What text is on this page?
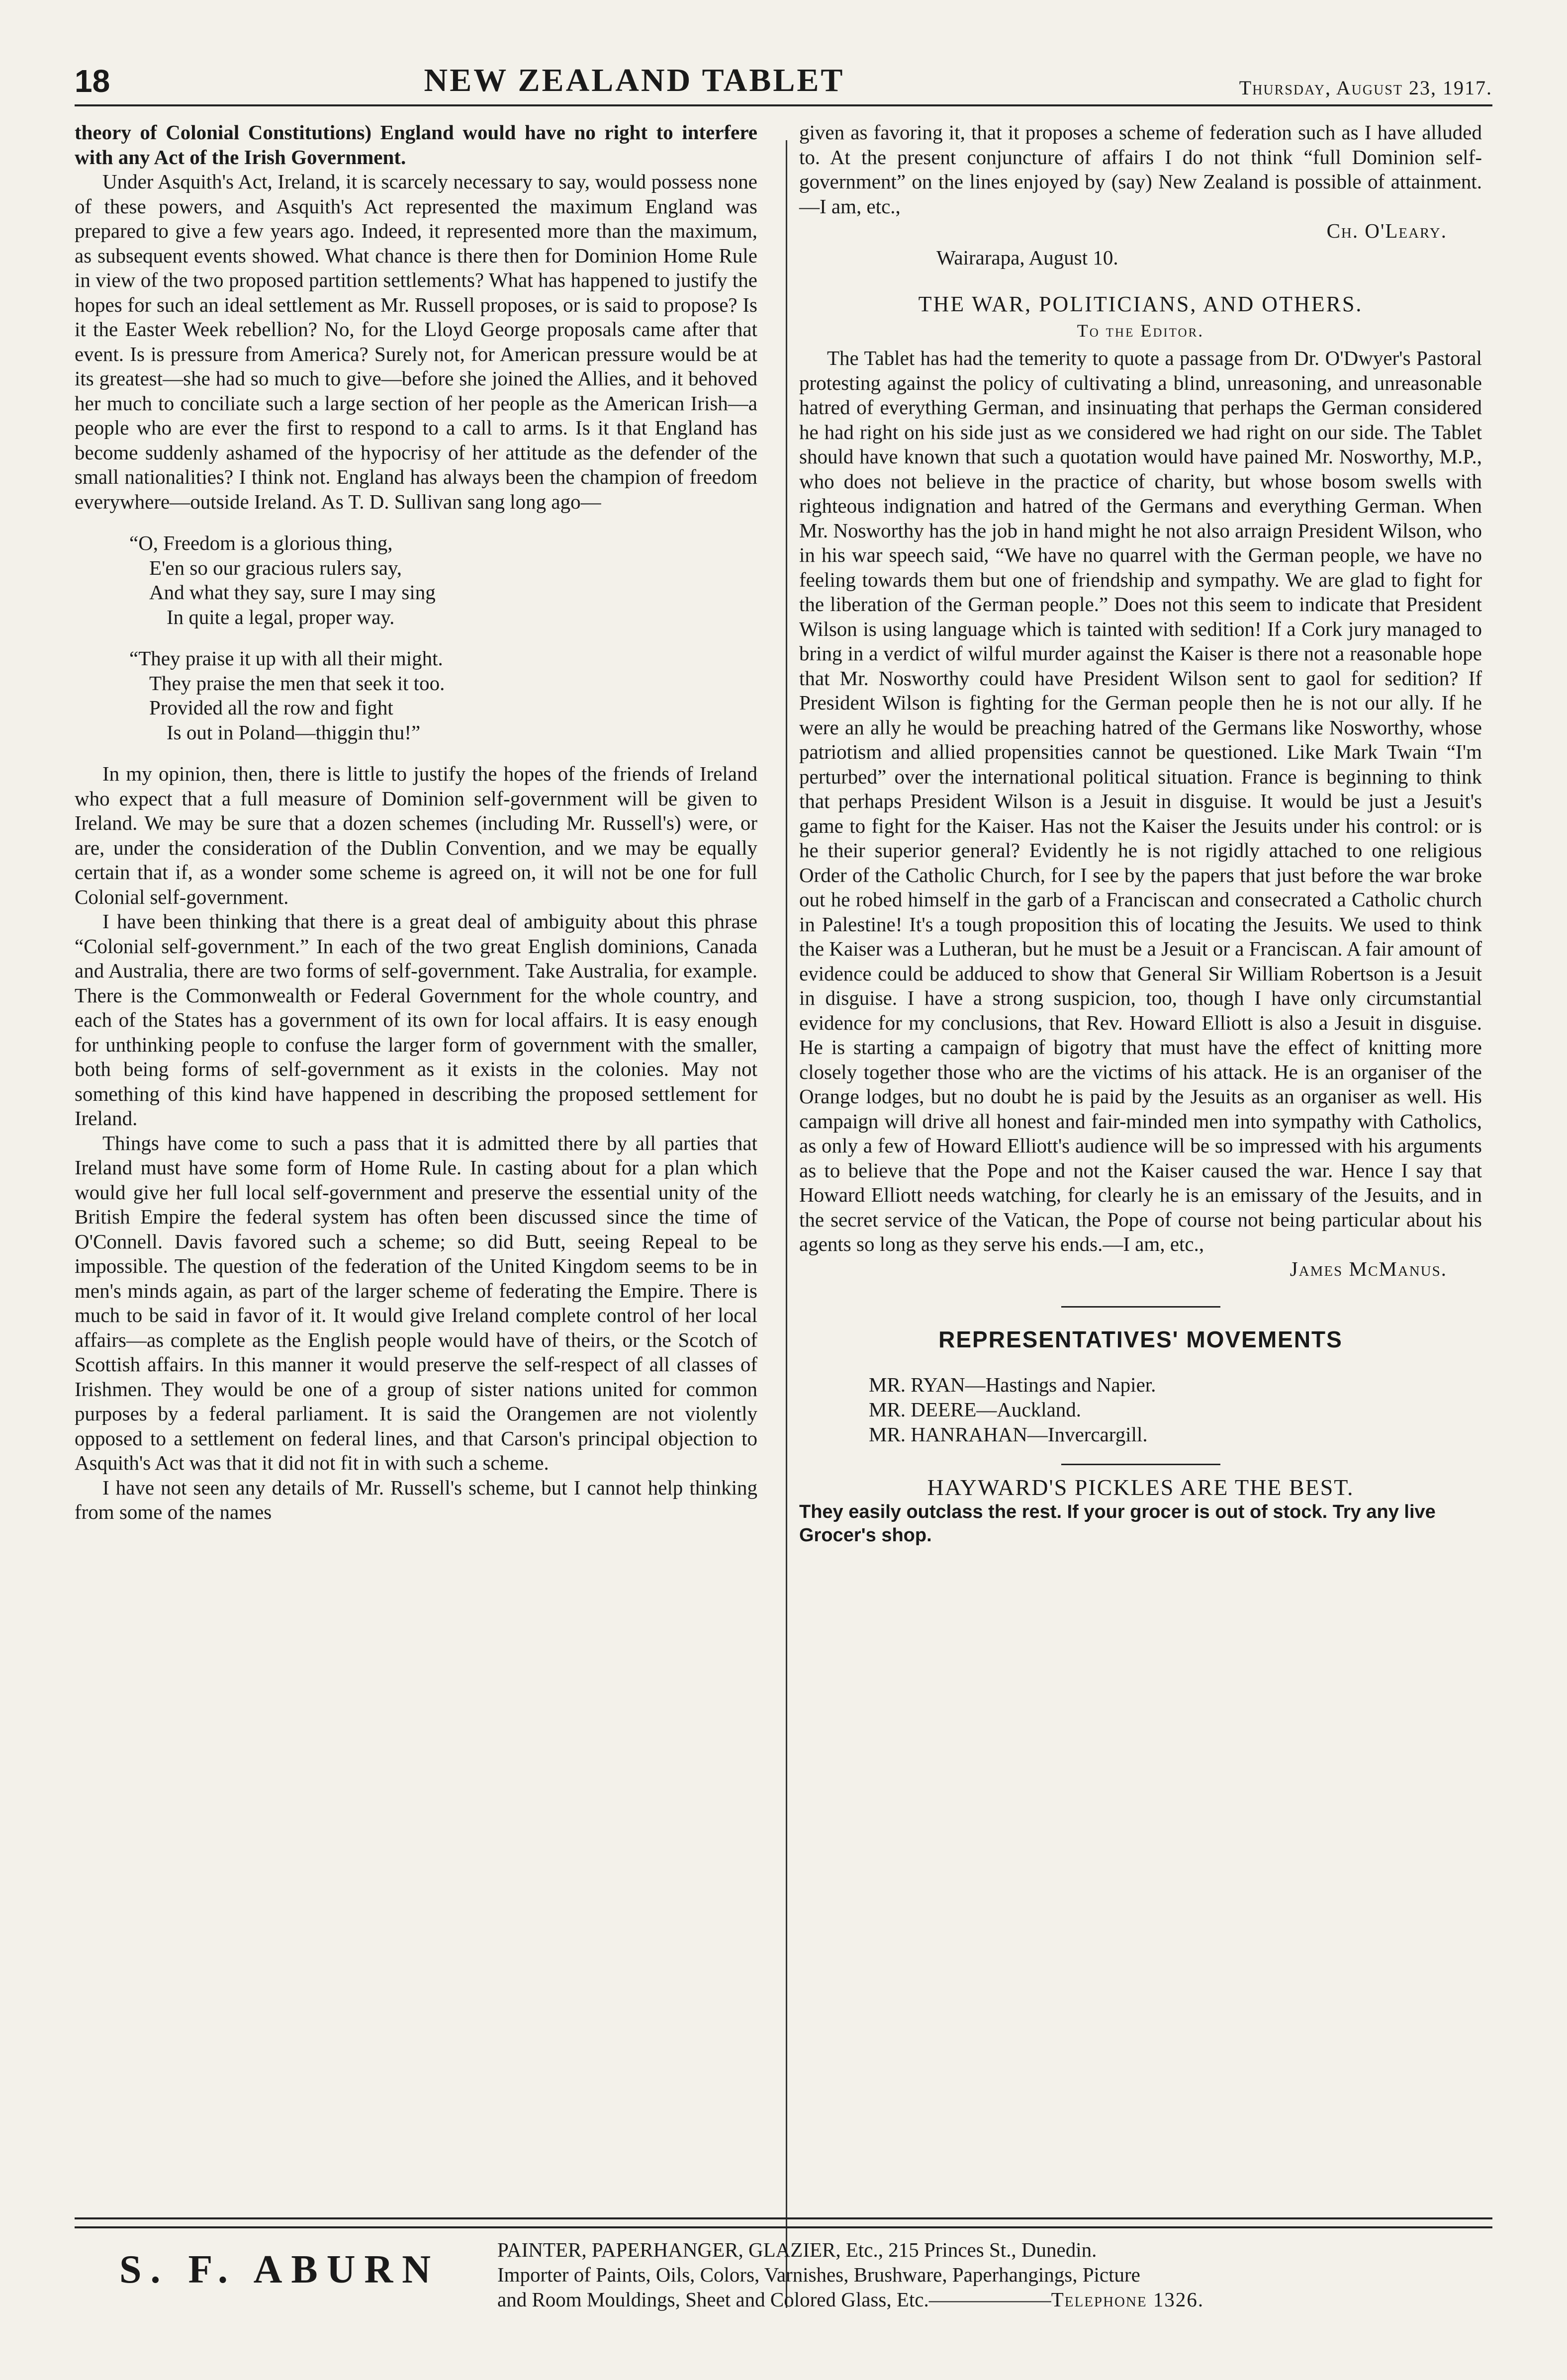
18	NEW ZEALAND TABLET	Thursday, August 23, 1917.

theory of Colonial Constitutions) England would have no right to interfere with any Act of the Irish Government.

Under Asquith's Act, Ireland, it is scarcely necessary to say, would possess none of these powers, and Asquith's Act represented the maximum England was prepared to give a few years ago. Indeed, it represented more than the maximum, as subsequent events showed. What chance is there then for Dominion Home Rule in view of the two proposed partition settlements? What has happened to justify the hopes for such an ideal settlement as Mr. Russell proposes, or is said to propose? Is it the Easter Week rebellion? No, for the Lloyd George proposals came after that event. Is is pressure from America? Surely not, for American pressure would be at its greatest—she had so much to give—before she joined the Allies, and it behoved her much to conciliate such a large section of her people as the American Irish—a people who are ever the first to respond to a call to arms. Is it that England has become suddenly ashamed of the hypocrisy of her attitude as the defender of the small nationalities? I think not. England has always been the champion of freedom everywhere—outside Ireland. As T. D. Sullivan sang long ago—

“O, Freedom is a glorious thing,
E'en so our gracious rulers say,
And what they say, sure I may sing
In quite a legal, proper way.
“They praise it up with all their might.
They praise the men that seek it too.
Provided all the row and fight
Is out in Poland—thiggin thu!”

In my opinion, then, there is little to justify the hopes of the friends of Ireland who expect that a full measure of Dominion self-government will be given to Ireland. We may be sure that a dozen schemes (including Mr. Russell's) were, or are, under the consideration of the Dublin Convention, and we may be equally certain that if, as a wonder some scheme is agreed on, it will not be one for full Colonial self-government.

I have been thinking that there is a great deal of ambiguity about this phrase “Colonial self-government.” In each of the two great English dominions, Canada and Australia, there are two forms of self-government. Take Australia, for example. There is the Commonwealth or Federal Government for the whole country, and each of the States has a government of its own for local affairs. It is easy enough for unthinking people to confuse the larger form of government with the smaller, both being forms of self-government as it exists in the colonies. May not something of this kind have happened in describing the proposed settlement for Ireland.

Things have come to such a pass that it is admitted there by all parties that Ireland must have some form of Home Rule. In casting about for a plan which would give her full local self-government and preserve the essential unity of the British Empire the federal system has often been discussed since the time of O'Connell. Davis favored such a scheme; so did Butt, seeing Repeal to be impossible. The question of the federation of the United Kingdom seems to be in men's minds again, as part of the larger scheme of federating the Empire. There is much to be said in favor of it. It would give Ireland complete control of her local affairs—as complete as the English people would have of theirs, or the Scotch of Scottish affairs. In this manner it would preserve the self-respect of all classes of Irishmen. They would be one of a group of sister nations united for common purposes by a federal parliament. It is said the Orangemen are not violently opposed to a settlement on federal lines, and that Carson's principal objection to Asquith's Act was that it did not fit in with such a scheme.

I have not seen any details of Mr. Russell's scheme, but I cannot help thinking from some of the names

given as favoring it, that it proposes a scheme of federation such as I have alluded to. At the present conjuncture of affairs I do not think “full Dominion self-government” on the lines enjoyed by (say) New Zealand is possible of attainment.—I am, etc.,

Ch. O'Leary.

Wairarapa, August 10.

THE WAR, POLITICIANS, AND OTHERS.
To the Editor.

The Tablet has had the temerity to quote a passage from Dr. O'Dwyer's Pastoral protesting against the policy of cultivating a blind, unreasoning, and unreasonable hatred of everything German, and insinuating that perhaps the German considered he had right on his side just as we considered we had right on our side. The Tablet should have known that such a quotation would have pained Mr. Nosworthy, M.P., who does not believe in the practice of charity, but whose bosom swells with righteous indignation and hatred of the Germans and everything German. When Mr. Nosworthy has the job in hand might he not also arraign President Wilson, who in his war speech said, “We have no quarrel with the German people, we have no feeling towards them but one of friendship and sympathy. We are glad to fight for the liberation of the German people.” Does not this seem to indicate that President Wilson is using language which is tainted with sedition! If a Cork jury managed to bring in a verdict of wilful murder against the Kaiser is there not a reasonable hope that Mr. Nosworthy could have President Wilson sent to gaol for sedition? If President Wilson is fighting for the German people then he is not our ally. If he were an ally he would be preaching hatred of the Germans like Nosworthy, whose patriotism and allied propensities cannot be questioned. Like Mark Twain “I'm perturbed” over the international political situation. France is beginning to think that perhaps President Wilson is a Jesuit in disguise. It would be just a Jesuit's game to fight for the Kaiser. Has not the Kaiser the Jesuits under his control: or is he their superior general? Evidently he is not rigidly attached to one religious Order of the Catholic Church, for I see by the papers that just before the war broke out he robed himself in the garb of a Franciscan and consecrated a Catholic church in Palestine! It's a tough proposition this of locating the Jesuits. We used to think the Kaiser was a Lutheran, but he must be a Jesuit or a Franciscan. A fair amount of evidence could be adduced to show that General Sir William Robertson is a Jesuit in disguise. I have a strong suspicion, too, though I have only circumstantial evidence for my conclusions, that Rev. Howard Elliott is also a Jesuit in disguise. He is starting a campaign of bigotry that must have the effect of knitting more closely together those who are the victims of his attack. He is an organiser of the Orange lodges, but no doubt he is paid by the Jesuits as an organiser as well. His campaign will drive all honest and fair-minded men into sympathy with Catholics, as only a few of Howard Elliott's audience will be so impressed with his arguments as to believe that the Pope and not the Kaiser caused the war. Hence I say that Howard Elliott needs watching, for clearly he is an emissary of the Jesuits, and in the secret service of the Vatican, the Pope of course not being particular about his agents so long as they serve his ends.—I am, etc.,

James McManus.

REPRESENTATIVES' MOVEMENTS
MR. RYAN—Hastings and Napier.
MR. DEERE—Auckland.
MR. HANRAHAN—Invercargill.
HAYWARD'S PICKLES ARE THE BEST.
They easily outclass the rest. If your grocer is out of stock. Try any live Grocer's shop.
S. F. ABURN	PAINTER, PAPERHANGER, GLAZIER, Etc., 215 Princes St., Dunedin.
Importer of Paints, Oils, Colors, Varnishes, Brushware, Paperhangings, Picture
and Room Mouldings, Sheet and Colored Glass, Etc.——————Telephone 1326.
